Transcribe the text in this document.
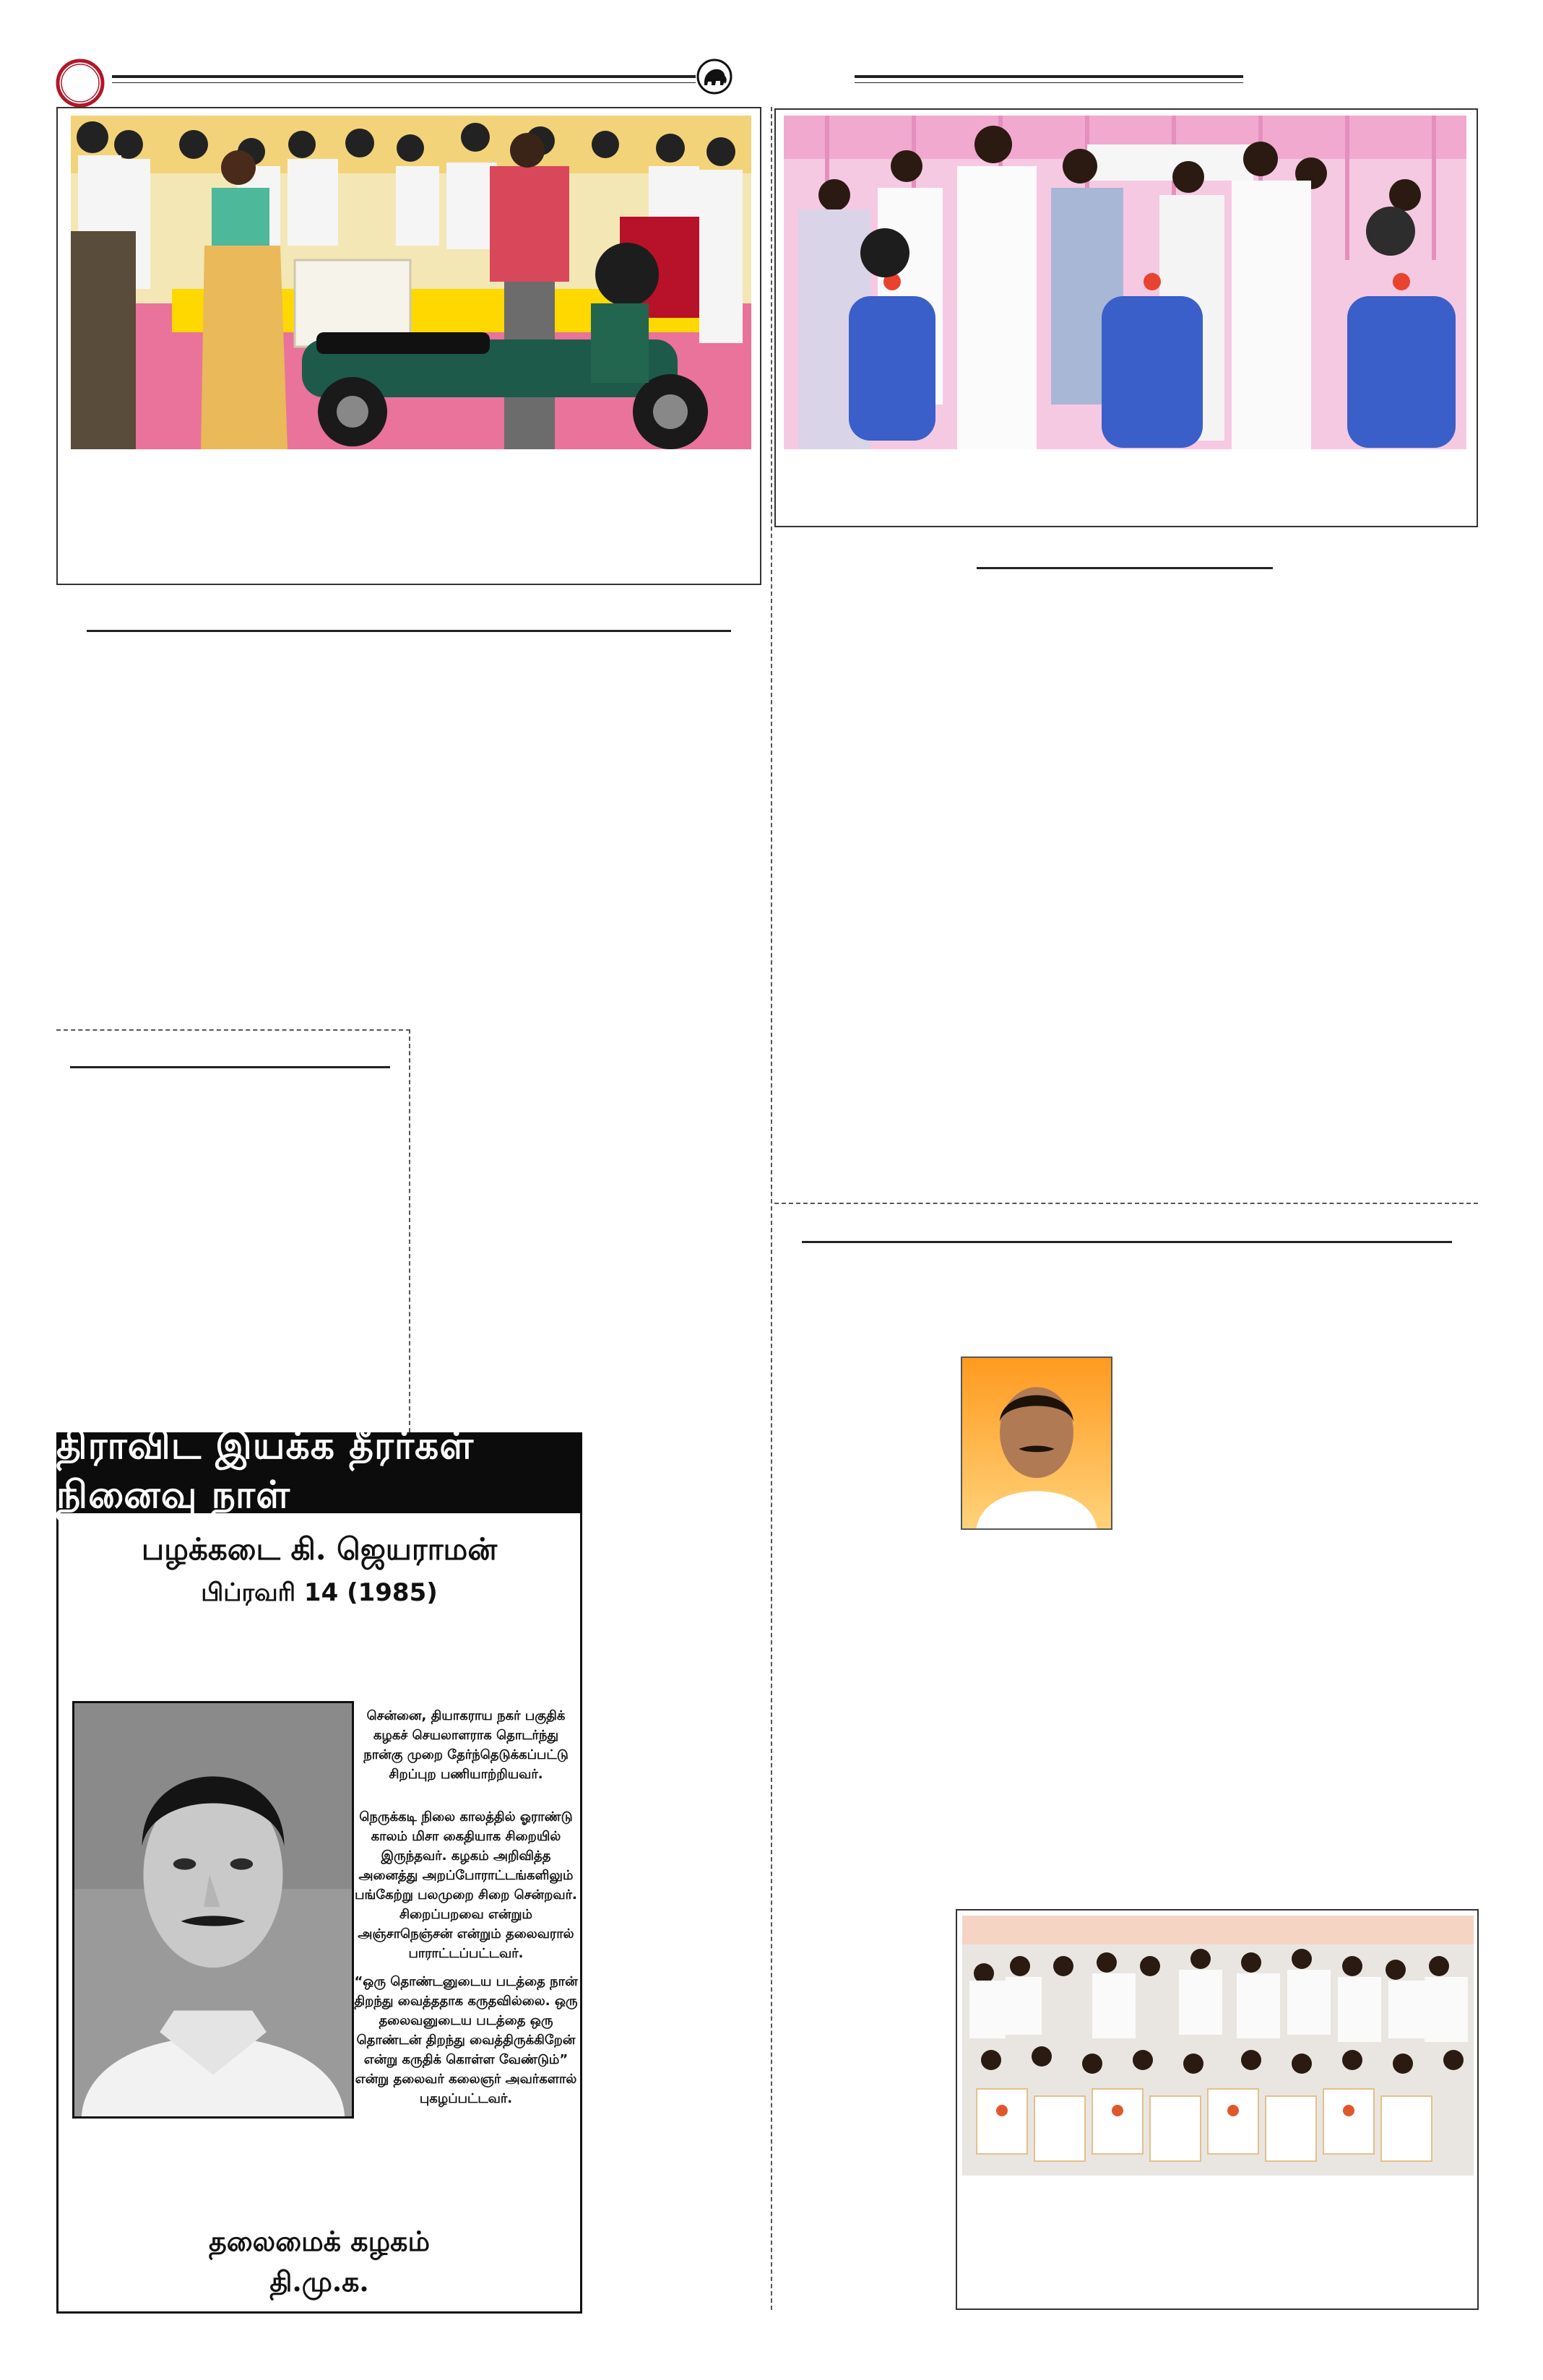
திராவிட இயக்க தீரர்கள் நினைவு நாள்
பழக்கடை கி. ஜெயராமன்
பிப்ரவரி 14 (1985)
சென்னை, தியாகராய நகர் பகுதிக் கழகச் செயலாளராக தொடர்ந்து நான்கு முறை தேர்ந்தெடுக்கப்பட்டு சிறப்புற பணியாற்றியவர்.
நெருக்கடி நிலை காலத்தில் ஓராண்டு காலம் மிசா கைதியாக சிறையில் இருந்தவர். கழகம் அறிவித்த அனைத்து அறப்போராட்டங்களிலும் பங்கேற்று பலமுறை சிறை சென்றவர். சிறைப்பறவை என்றும் அஞ்சாநெஞ்சன் என்றும் தலைவரால் பாராட்டப்பட்டவர்.
“ஒரு தொண்டனுடைய படத்தை நான் திறந்து வைத்ததாக கருதவில்லை. ஒரு தலைவனுடைய படத்தை ஒரு தொண்டன் திறந்து வைத்திருக்கிறேன் என்று கருதிக் கொள்ள வேண்டும்” என்று தலைவர் கலைஞர் அவர்களால் புகழப்பட்டவர்.
தலைமைக் கழகம்
தி.மு.க.
